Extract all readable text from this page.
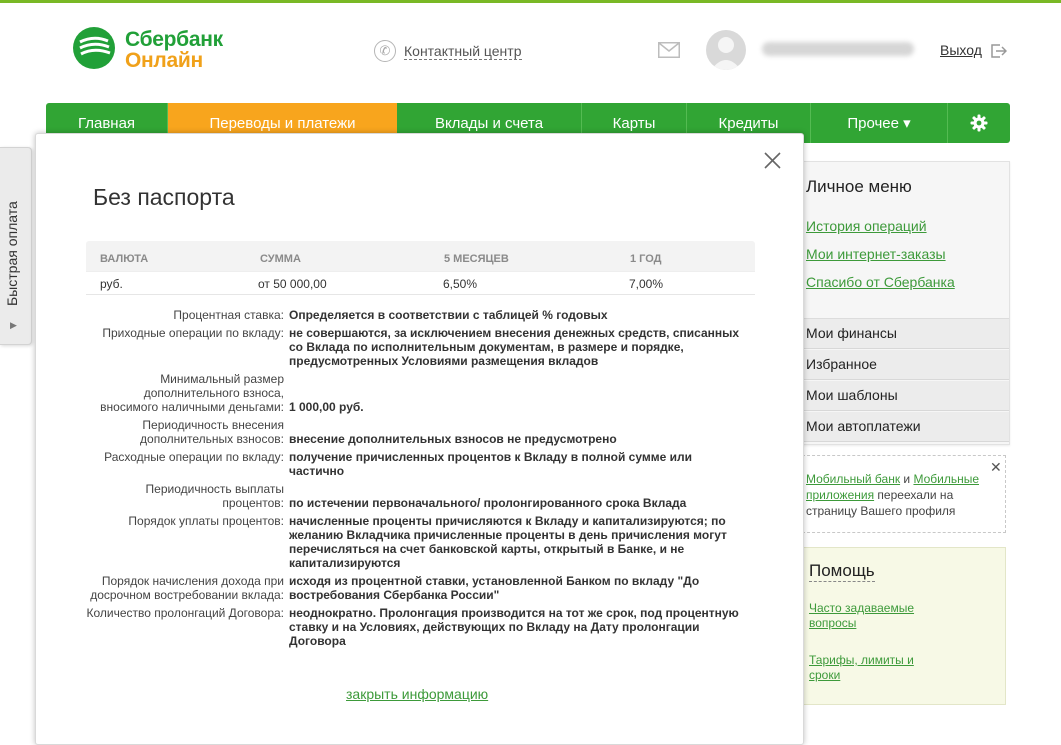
Сбербанк
Онлайн	✆ Контактный центр	Выход
Главная	Переводы и платежи	Вклады и счета	Карты	Кредиты	Прочее ▾
Быстрая оплата
▶
Личное меню
История операций
Мои интернет-заказы
Спасибо от Сбербанка
Мои финансы
Избранное
Мои шаблоны
Мои автоплатежи
✕
Мобильный банк и Мобильные приложения переехали на страницу Вашего профиля
Помощь
Часто задаваемые вопросы
Тарифы, лимиты и сроки
Без паспорта
ВАЛЮТА	СУММА	5 МЕСЯЦЕВ	1 ГОД
руб.	от 50 000,00	6,50%	7,00%
Процентная ставка: Определяется в соответствии с таблицей % годовых
Приходные операции по вкладу: не совершаются, за исключением внесения денежных средств, списанных со Вклада по исполнительным документам, в размере и порядке, предусмотренных Условиями размещения вкладов
Минимальный размер дополнительного взноса, вносимого наличными деньгами: 1 000,00 руб.
Периодичность внесения дополнительных взносов: внесение дополнительных взносов не предусмотрено
Расходные операции по вкладу: получение причисленных процентов к Вкладу в полной сумме или частично
Периодичность выплаты процентов: по истечении первоначального/ пролонгированного срока Вклада
Порядок уплаты процентов: начисленные проценты причисляются к Вкладу и капитализируются; по желанию Вкладчика причисленные проценты в день причисления могут перечисляться на счет банковской карты, открытый в Банке, и не капитализируются
Порядок начисления дохода при досрочном востребовании вклада:
исходя из процентной ставки, установленной Банком по вкладу "До востребования Сбербанка России"
Количество пролонгаций Договора: неоднократно. Пролонгация производится на тот же срок, под процентную ставку и на Условиях, действующих по Вкладу на Дату пролонгации Договора
закрыть информацию
